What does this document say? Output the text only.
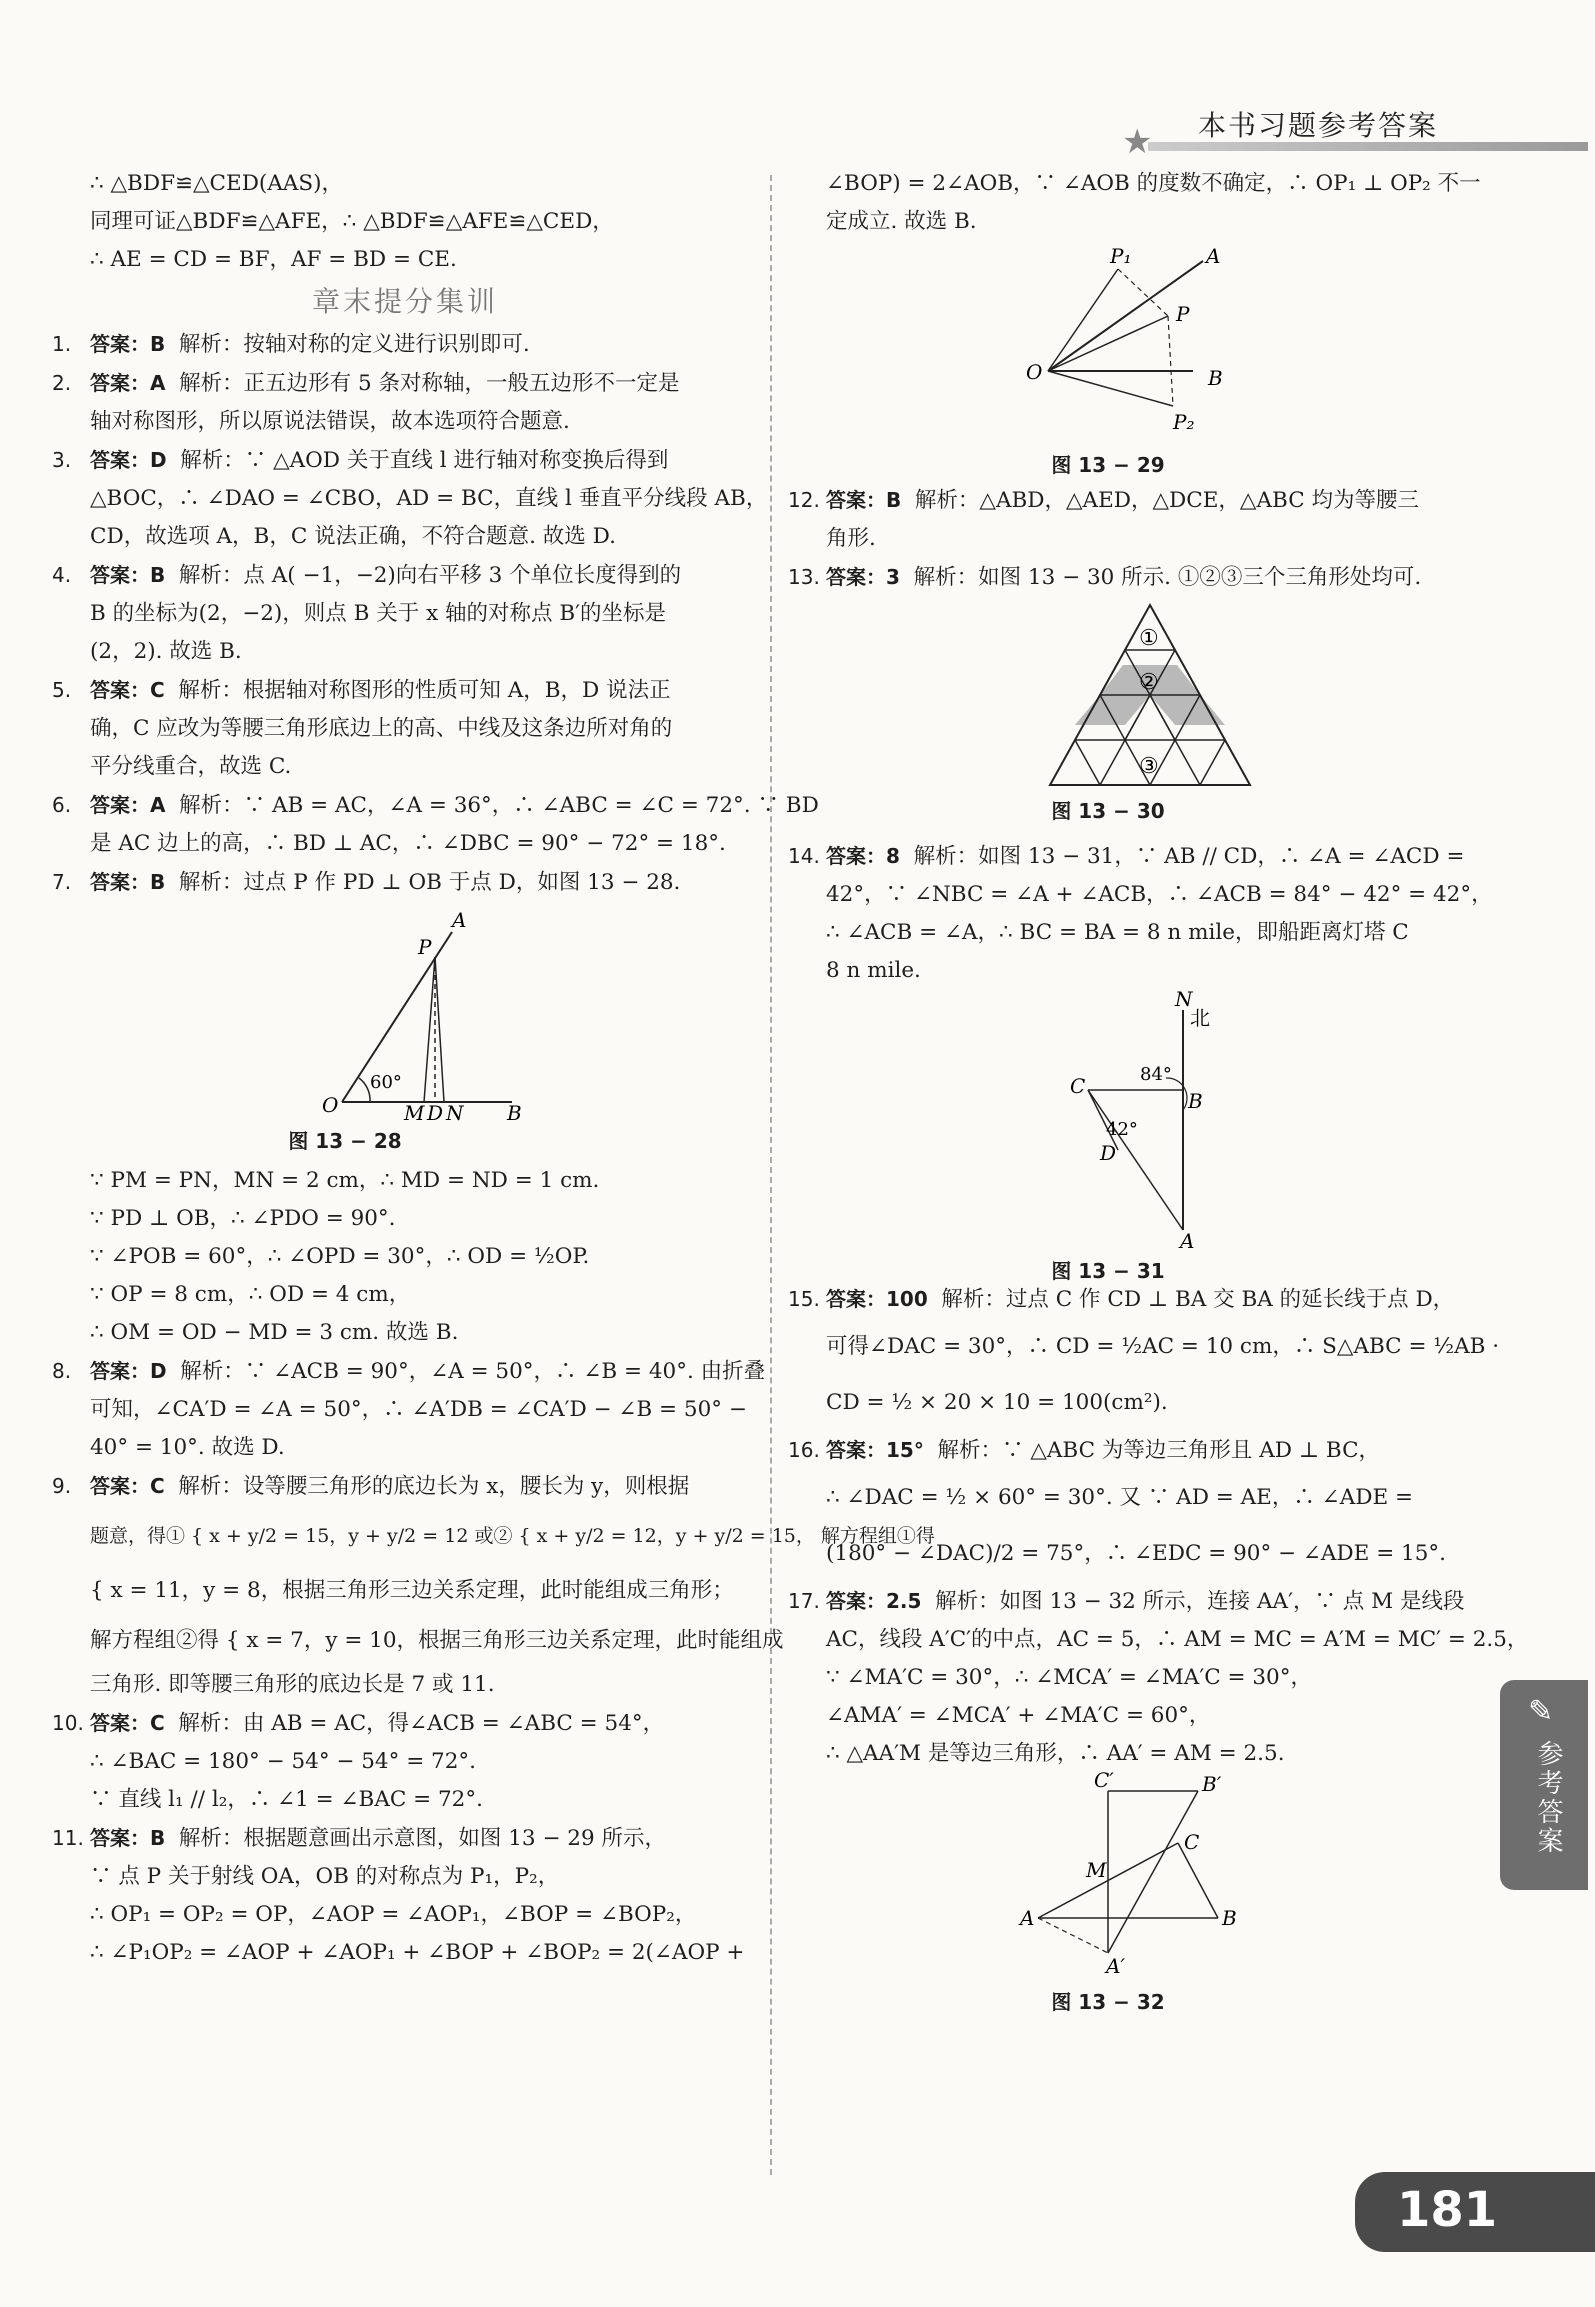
★ 本书习题参考答案
∴ △BDF≌△CED(AAS)，
同理可证△BDF≌△AFE，∴ △BDF≌△AFE≌△CED，
∴ AE = CD = BF，AF = BD = CE.
章末提分集训
1. 答案：B 解析：按轴对称的定义进行识别即可.
2. 答案：A 解析：正五边形有 5 条对称轴，一般五边形不一定是
轴对称图形，所以原说法错误，故本选项符合题意.
3. 答案：D 解析：∵ △AOD 关于直线 l 进行轴对称变换后得到
△BOC，∴ ∠DAO = ∠CBO，AD = BC，直线 l 垂直平分线段 AB，
CD，故选项 A，B，C 说法正确，不符合题意. 故选 D.
4. 答案：B 解析：点 A( −1，−2)向右平移 3 个单位长度得到的
B 的坐标为(2，−2)，则点 B 关于 x 轴的对称点 B′的坐标是
(2，2). 故选 B.
5. 答案：C 解析：根据轴对称图形的性质可知 A，B，D 说法正
确，C 应改为等腰三角形底边上的高、中线及这条边所对角的
平分线重合，故选 C.
6. 答案：A 解析：∵ AB = AC，∠A = 36°，∴ ∠ABC = ∠C = 72°. ∵ BD
是 AC 边上的高，∴ BD ⊥ AC，∴ ∠DBC = 90° − 72° = 18°.
7. 答案：B 解析：过点 P 作 PD ⊥ OB 于点 D，如图 13 − 28.
A
P
O	M D N B
60°
图 13 − 28
∵ PM = PN，MN = 2 cm，∴ MD = ND = 1 cm.
∵ PD ⊥ OB，∴ ∠PDO = 90°.
∵ ∠POB = 60°，∴ ∠OPD = 30°，∴ OD = ½OP.
∵ OP = 8 cm，∴ OD = 4 cm，
∴ OM = OD − MD = 3 cm. 故选 B.
8. 答案：D 解析：∵ ∠ACB = 90°，∠A = 50°，∴ ∠B = 40°. 由折叠
可知，∠CA′D = ∠A = 50°，∴ ∠A′DB = ∠CA′D − ∠B = 50° −
40° = 10°. 故选 D.
9. 答案：C 解析：设等腰三角形的底边长为 x，腰长为 y，则根据
题意，得① { x + y/2 = 15，y + y/2 = 12 或② { x + y/2 = 12，y + y/2 = 15， 解方程组①得
{ x = 11，y = 8，根据三角形三边关系定理，此时能组成三角形；
解方程组②得 { x = 7，y = 10，根据三角形三边关系定理，此时能组成
三角形. 即等腰三角形的底边长是 7 或 11.
10. 答案：C 解析：由 AB = AC，得∠ACB = ∠ABC = 54°，
∴ ∠BAC = 180° − 54° − 54° = 72°.
∵ 直线 l₁ // l₂，∴ ∠1 = ∠BAC = 72°.
11. 答案：B 解析：根据题意画出示意图，如图 13 − 29 所示，
∵ 点 P 关于射线 OA，OB 的对称点为 P₁，P₂，
∴ OP₁ = OP₂ = OP，∠AOP = ∠AOP₁，∠BOP = ∠BOP₂，
∴ ∠P₁OP₂ = ∠AOP + ∠AOP₁ + ∠BOP + ∠BOP₂ = 2(∠AOP +
∠BOP) = 2∠AOB，∵ ∠AOB 的度数不确定，∴ OP₁ ⊥ OP₂ 不一
定成立. 故选 B.
P₁	A
P
O	B
P₂
图 13 − 29
12. 答案：B 解析：△ABD，△AED，△DCE，△ABC 均为等腰三
角形.
13. 答案：3 解析：如图 13 − 30 所示. ①②③三个三角形处均可.
①
②
③
图 13 − 30
14. 答案：8 解析：如图 13 − 31，∵ AB // CD，∴ ∠A = ∠ACD =
42°，∵ ∠NBC = ∠A + ∠ACB，∴ ∠ACB = 84° − 42° = 42°，
∴ ∠ACB = ∠A，∴ BC = BA = 8 n mile，即船距离灯塔 C
8 n mile.
N
北
84°
C
B
42°
D
A
图 13 − 31
15. 答案：100 解析：过点 C 作 CD ⊥ BA 交 BA 的延长线于点 D，
可得∠DAC = 30°，∴ CD = ½AC = 10 cm，∴ S△ABC = ½AB ·
CD = ½ × 20 × 10 = 100(cm²).
16. 答案：15° 解析：∵ △ABC 为等边三角形且 AD ⊥ BC，
∴ ∠DAC = ½ × 60° = 30°. 又 ∵ AD = AE，∴ ∠ADE =
(180° − ∠DAC)/2 = 75°，∴ ∠EDC = 90° − ∠ADE = 15°.
17. 答案：2.5 解析：如图 13 − 32 所示，连接 AA′，∵ 点 M 是线段
AC，线段 A′C′的中点，AC = 5，∴ AM = MC = A′M = MC′ = 2.5，
∵ ∠MA′C = 30°，∴ ∠MCA′ = ∠MA′C = 30°，
∠AMA′ = ∠MCA′ + ∠MA′C = 60°，
∴ △AA′M 是等边三角形，∴ AA′ = AM = 2.5.
C′	B′
C
M
A	B
A′
图 13 − 32
✎
参考答案
181
